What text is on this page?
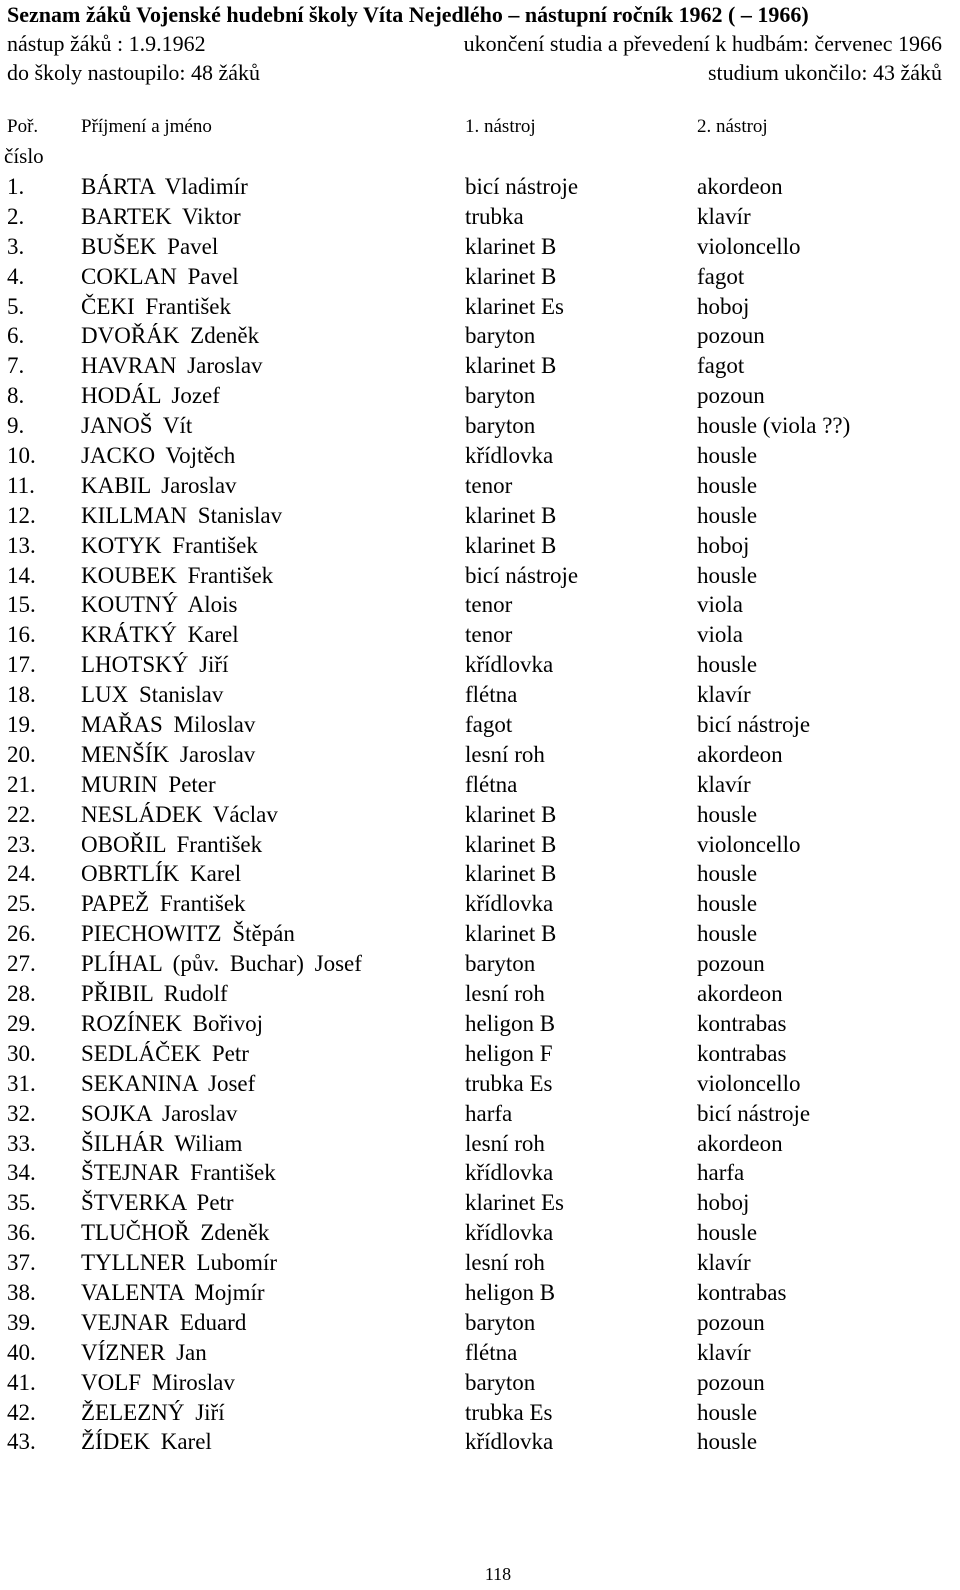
Seznam žáků Vojenské hudební školy Víta Nejedlého – nástupní ročník 1962 ( – 1966)
nástup žáků : 1.9.1962	ukončení studia a převedení k hudbám: červenec 1966
do školy nastoupilo: 48 žáků	studium ukončilo: 43 žáků
Poř.
číslo
Příjmení a jméno	1. nástroj	2. nástroj
1. BÁRTA Vladimír	bicí nástroje	akordeon
2. BARTEK Viktor	trubka	klavír
3. BUŠEK Pavel	klarinet B	violoncello
4. COKLAN Pavel	klarinet B	fagot
5. ČEKI František	klarinet Es	hoboj
6. DVOŘÁK Zdeněk	baryton	pozoun
7. HAVRAN Jaroslav	klarinet B	fagot
8. HODÁL Jozef	baryton	pozoun
9. JANOŠ Vít	baryton	housle (viola ??)
10. JACKO Vojtěch	křídlovka	housle
11. KABIL Jaroslav	tenor	housle
12. KILLMAN Stanislav	klarinet B	housle
13. KOTYK František	klarinet B	hoboj
14. KOUBEK František	bicí nástroje	housle
15. KOUTNÝ Alois	tenor	viola
16. KRÁTKÝ Karel	tenor	viola
17. LHOTSKÝ Jiří	křídlovka	housle
18. LUX Stanislav	flétna	klavír
19. MAŘAS Miloslav	fagot	bicí nástroje
20. MENŠÍK Jaroslav	lesní roh	akordeon
21. MURIN Peter	flétna	klavír
22. NESLÁDEK Václav	klarinet B	housle
23. OBOŘIL František	klarinet B	violoncello
24. OBRTLÍK Karel	klarinet B	housle
25. PAPEŽ František	křídlovka	housle
26. PIECHOWITZ Štěpán	klarinet B	housle
27. PLÍHAL (pův. Buchar) Josef	baryton	pozoun
28. PŘIBIL Rudolf	lesní roh	akordeon
29. ROZÍNEK Bořivoj	heligon B	kontrabas
30. SEDLÁČEK Petr	heligon F	kontrabas
31. SEKANINA Josef	trubka Es	violoncello
32. SOJKA Jaroslav	harfa	bicí nástroje
33. ŠILHÁR Wiliam	lesní roh	akordeon
34. ŠTEJNAR František	křídlovka	harfa
35. ŠTVERKA Petr	klarinet Es	hoboj
36. TLUČHOŘ Zdeněk	křídlovka	housle
37. TYLLNER Lubomír	lesní roh	klavír
38. VALENTA Mojmír	heligon B	kontrabas
39. VEJNAR Eduard	baryton	pozoun
40. VÍZNER Jan	flétna	klavír
41. VOLF Miroslav	baryton	pozoun
42. ŽELEZNÝ Jiří	trubka Es	housle
43. ŽÍDEK Karel	křídlovka	housle
118
